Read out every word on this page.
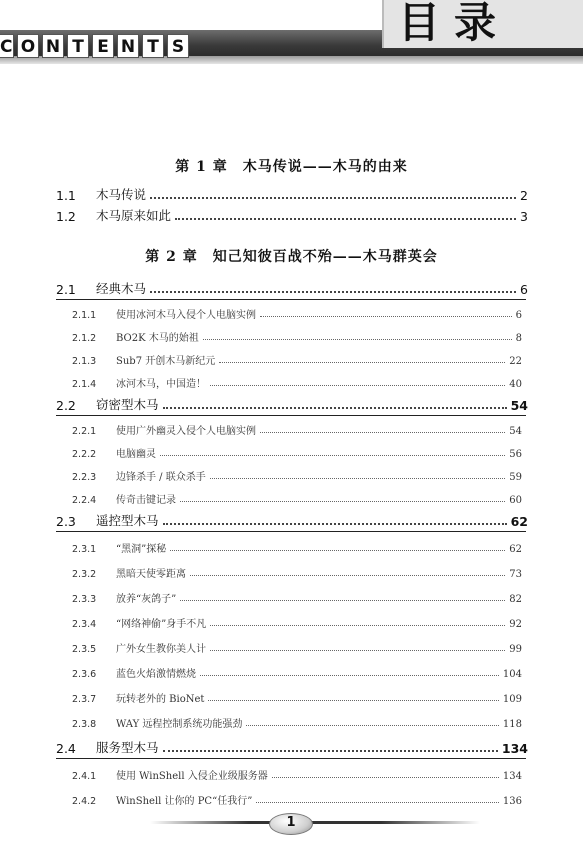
目录
C O N T E N T S
第 1 章　木马传说——木马的由来
1.1	木马传说	2
1.2	木马原来如此	3
第 2 章　知己知彼百战不殆——木马群英会
2.1	经典木马	6
2.1.1	使用冰河木马入侵个人电脑实例	6
2.1.2	BO2K 木马的始祖	8
2.1.3	Sub7 开创木马新纪元	22
2.1.4	冰河木马，中国造！	40
2.2	窃密型木马	54
2.2.1	使用广外幽灵入侵个人电脑实例	54
2.2.2	电脑幽灵	56
2.2.3	边锋杀手 / 联众杀手	59
2.2.4	传奇击键记录	60
2.3	遥控型木马	62
2.3.1	“黑洞”探秘	62
2.3.2	黑暗天使零距离	73
2.3.3	放养“灰鸽子”	82
2.3.4	“网络神偷”身手不凡	92
2.3.5	广外女生教你美人计	99
2.3.6	蓝色火焰激情燃烧	104
2.3.7	玩转老外的 BioNet	109
2.3.8	WAY 远程控制系统功能强劲	118
2.4	服务型木马	134
2.4.1	使用 WinShell 入侵企业级服务器	134
2.4.2	WinShell 让你的 PC“任我行”	136
1
